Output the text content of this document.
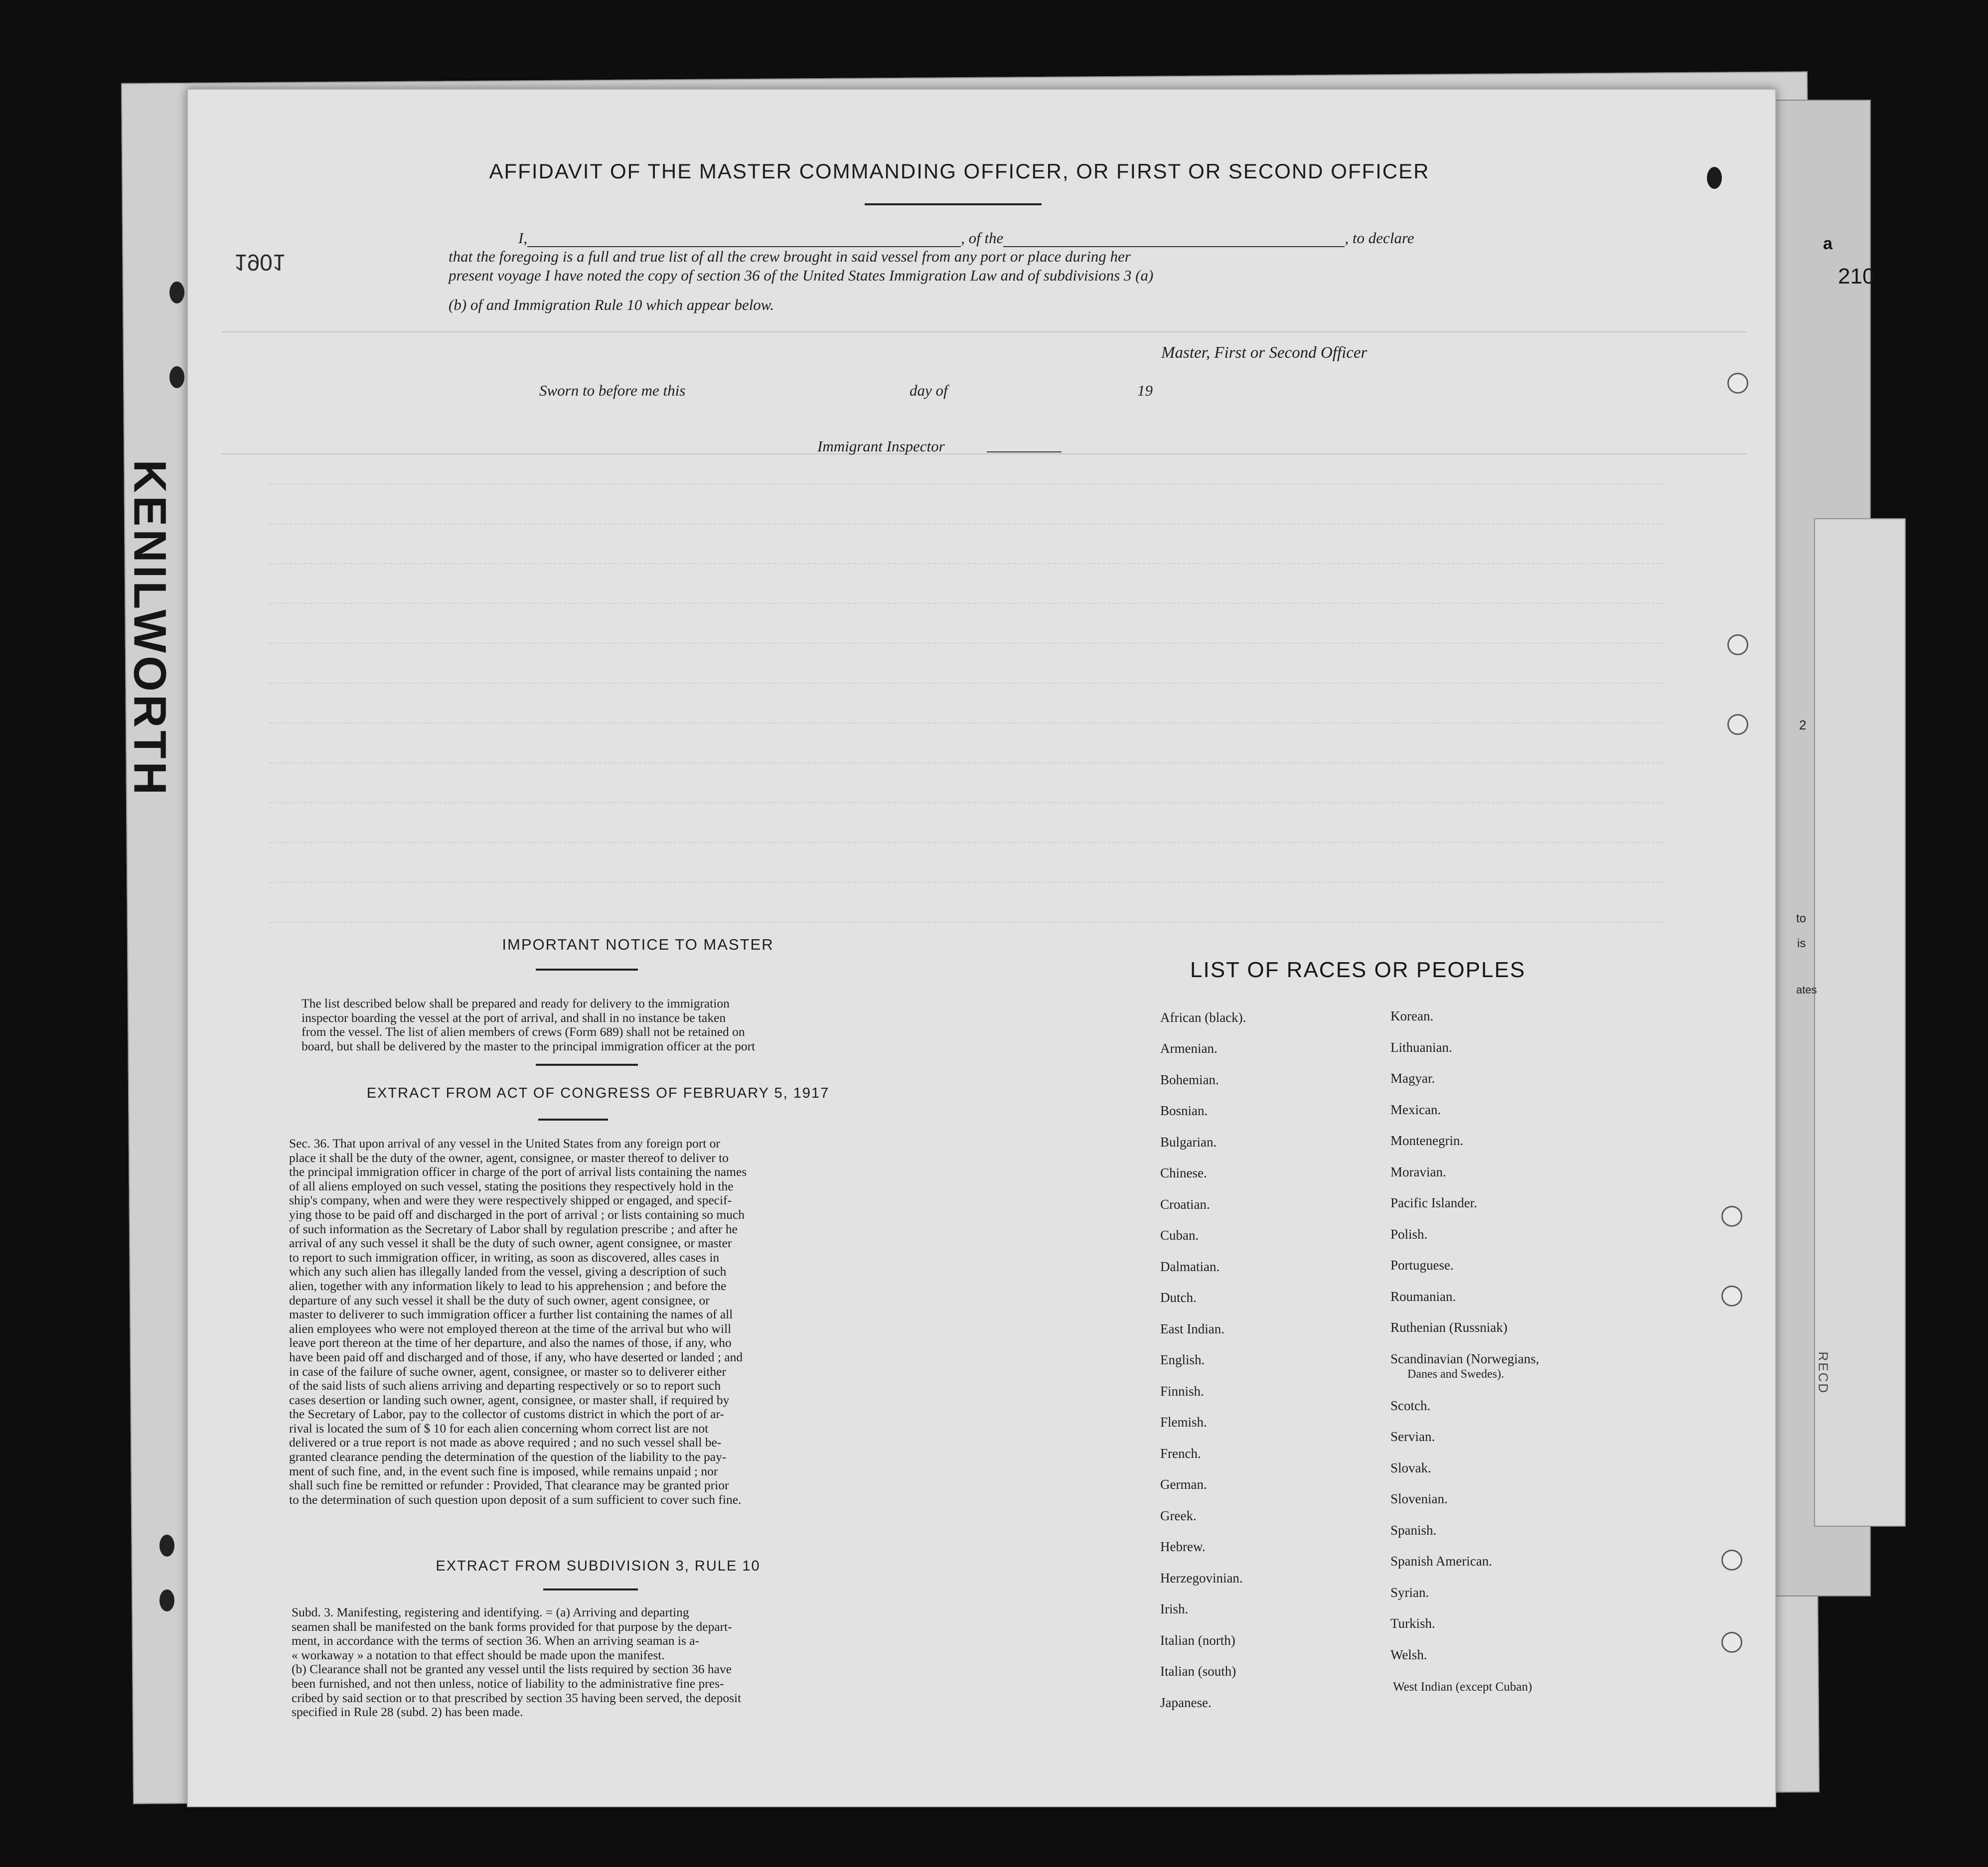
a
210
2
to
is
ates
1901
KENILWORTH
RECD
AFFIDAVIT OF THE MASTER COMMANDING OFFICER, OR FIRST OR SECOND OFFICER
I,	, of the	, to declare
that the foregoing is a full and true list of all the crew brought in said vessel from any port or place during her
present voyage I have noted the copy of section 36 of the United States Immigration Law and of subdivisions 3 (a)
(b) of and Immigration Rule 10 which appear below.
Master, First or Second Officer
Sworn to before me this	day of	19
Immigrant Inspector
IMPORTANT NOTICE TO MASTER
The list described below shall be prepared and ready for delivery to the immigration
inspector boarding the vessel at the port of arrival, and shall in no instance be taken
from the vessel. The list of alien members of crews (Form 689) shall not be retained on
board, but shall be delivered by the master to the principal immigration officer at the port
EXTRACT FROM ACT OF CONGRESS OF FEBRUARY 5, 1917
Sec. 36. That upon arrival of any vessel in the United States from any foreign port or
place it shall be the duty of the owner, agent, consignee, or master thereof to deliver to
the principal immigration officer in charge of the port of arrival lists containing the names
of all aliens employed on such vessel, stating the positions they respectively hold in the
ship's company, when and were they were respectively shipped or engaged, and specif-
ying those to be paid off and discharged in the port of arrival ; or lists containing so much
of such information as the Secretary of Labor shall by regulation prescribe ; and after he
arrival of any such vessel it shall be the duty of such owner, agent consignee, or master
to report to such immigration officer, in writing, as soon as discovered, alles cases in
which any such alien has illegally landed from the vessel, giving a description of such
alien, together with any information likely to lead to his apprehension ; and before the
departure of any such vessel it shall be the duty of such owner, agent consignee, or
master to deliverer to such immigration officer a further list containing the names of all
alien employees who were not employed thereon at the time of the arrival but who will
leave port thereon at the time of her departure, and also the names of those, if any, who
have been paid off and discharged and of those, if any, who have deserted or landed ; and
in case of the failure of suche owner, agent, consignee, or master so to deliverer either
of the said lists of such aliens arriving and departing respectively or so to report such
cases desertion or landing such owner, agent, consignee, or master shall, if required by
the Secretary of Labor, pay to the collector of customs district in which the port of ar-
rival is located the sum of $ 10 for each alien concerning whom correct list are not
delivered or a true report is not made as above required ; and no such vessel shall be-
granted clearance pending the determination of the question of the liability to the pay-
ment of such fine, and, in the event such fine is imposed, while remains unpaid ; nor
shall such fine be remitted or refunder : Provided, That clearance may be granted prior
to the determination of such question upon deposit of a sum sufficient to cover such fine.
EXTRACT FROM SUBDIVISION 3, RULE 10
Subd. 3. Manifesting, registering and identifying. = (a) Arriving and departing
seamen shall be manifested on the bank forms provided for that purpose by the depart-
ment, in accordance with the terms of section 36. When an arriving seaman is a-
« workaway » a notation to that effect should be made upon the manifest.
(b) Clearance shall not be granted any vessel until the lists required by section 36 have
been furnished, and not then unless, notice of liability to the administrative fine pres-
cribed by said section or to that prescribed by section 35 having been served, the deposit
specified in Rule 28 (subd. 2) has been made.
LIST OF RACES OR PEOPLES
African (black).
Armenian.
Bohemian.
Bosnian.
Bulgarian.
Chinese.
Croatian.
Cuban.
Dalmatian.
Dutch.
East Indian.
English.
Finnish.
Flemish.
French.
German.
Greek.
Hebrew.
Herzegovinian.
Irish.
Italian (north)
Italian (south)
Japanese.
Korean.
Lithuanian.
Magyar.
Mexican.
Montenegrin.
Moravian.
Pacific Islander.
Polish.
Portuguese.
Roumanian.
Ruthenian (Russniak)
Scandinavian (Norwegians,
Danes and Swedes).
Scotch.
Servian.
Slovak.
Slovenian.
Spanish.
Spanish American.
Syrian.
Turkish.
Welsh.
West Indian (except Cuban)
